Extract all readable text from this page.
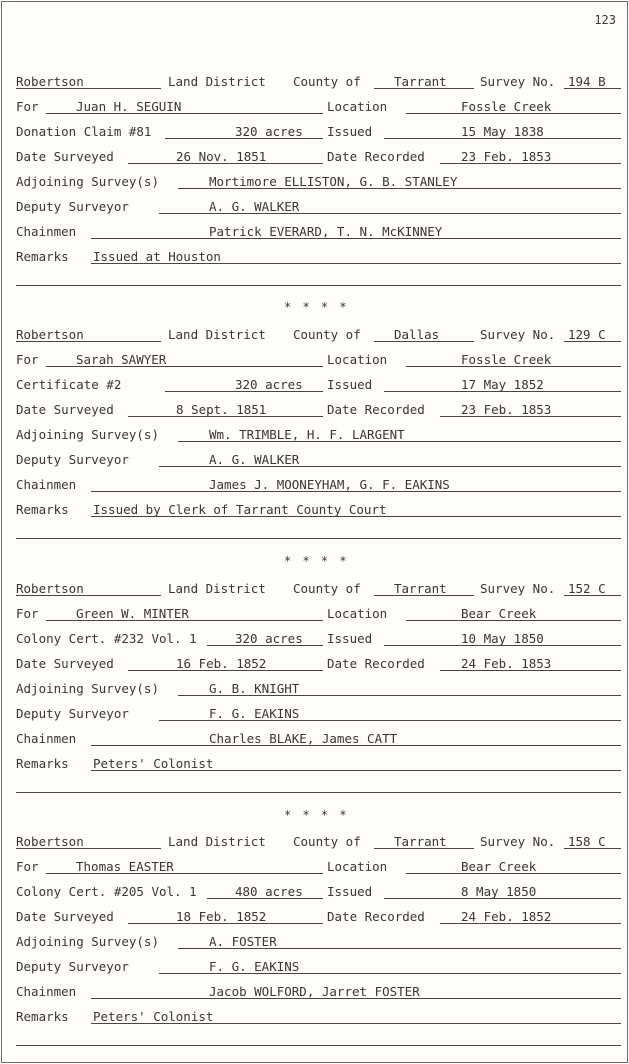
123
Robertson	Land District County of	Tarrant	Survey No. 194 B
For	Juan H. SEGUIN	Location	Fossle Creek
Donation Claim #81	320 acres Issued	15 May 1838
Date Surveyed	26 Nov. 1851	Date Recorded	23 Feb. 1853
Adjoining Survey(s)	Mortimore ELLISTON, G. B. STANLEY
Deputy Surveyor	A. G. WALKER
Chainmen	Patrick EVERARD, T. N. McKINNEY
Remarks Issued at Houston
Robertson	Land District County of	Dallas	Survey No. 129 C
For	Sarah SAWYER	Location	Fossle Creek
Certificate #2	320 acres Issued	17 May 1852
Date Surveyed	8 Sept. 1851	Date Recorded	23 Feb. 1853
Adjoining Survey(s)	Wm. TRIMBLE, H. F. LARGENT
Deputy Surveyor	A. G. WALKER
Chainmen	James J. MOONEYHAM, G. F. EAKINS
Remarks Issued by Clerk of Tarrant County Court
Robertson	Land District County of	Tarrant	Survey No. 152 C
For	Green W. MINTER	Location	Bear Creek
Colony Cert. #232 Vol. 1	320 acres Issued	10 May 1850
Date Surveyed	16 Feb. 1852	Date Recorded	24 Feb. 1853
Adjoining Survey(s)	G. B. KNIGHT
Deputy Surveyor	F. G. EAKINS
Chainmen	Charles BLAKE, James CATT
Remarks Peters' Colonist
Robertson	Land District County of	Tarrant	Survey No. 158 C
For	Thomas EASTER	Location	Bear Creek
Colony Cert. #205 Vol. 1	480 acres Issued	8 May 1850
Date Surveyed	18 Feb. 1852	Date Recorded	24 Feb. 1852
Adjoining Survey(s)	A. FOSTER
Deputy Surveyor	F. G. EAKINS
Chainmen	Jacob WOLFORD, Jarret FOSTER
Remarks Peters' Colonist
* * * *
* * * *
* * * *
